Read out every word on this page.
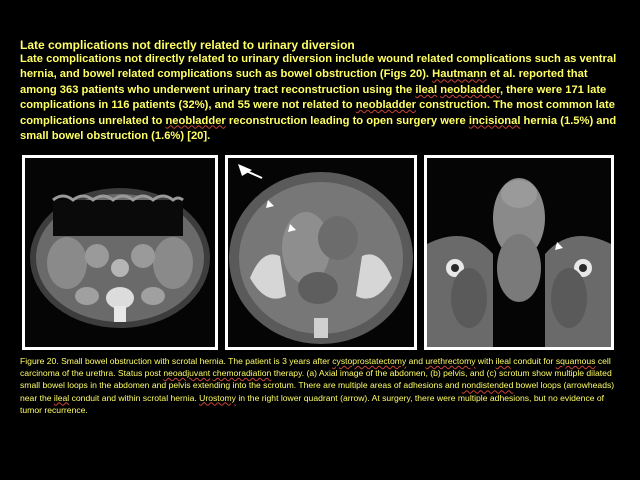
Late complications not directly related to urinary diversion

Late complications not directly related to urinary diversion include wound related complications such as ventral hernia, and bowel related complications such as bowel obstruction (Figs 20). Hautmann et al. reported that among 363 patients who underwent urinary tract reconstruction using the ileal neobladder, there were 171 late complications in 116 patients (32%), and 55 were not related to neobladder construction. The most common late complications unrelated to neobladder reconstruction leading to open surgery were incisional hernia (1.5%) and small bowel obstruction (1.6%) [20].

Figure 20. Small bowel obstruction with scrotal hernia. The patient is 3 years after cystoprostatectomy and urethrectomy with ileal conduit for squamous cell carcinoma of the urethra. Status post neoadjuvant chemoradiation therapy. (a) Axial image of the abdomen, (b) pelvis, and (c) scrotum show multiple dilated small bowel loops in the abdomen and pelvis extending into the scrotum. There are multiple areas of adhesions and nondistended bowel loops (arrowheads) near the ileal conduit and within scrotal hernia. Urostomy in the right lower quadrant (arrow). At surgery, there were multiple adhesions, but no evidence of tumor recurrence.
